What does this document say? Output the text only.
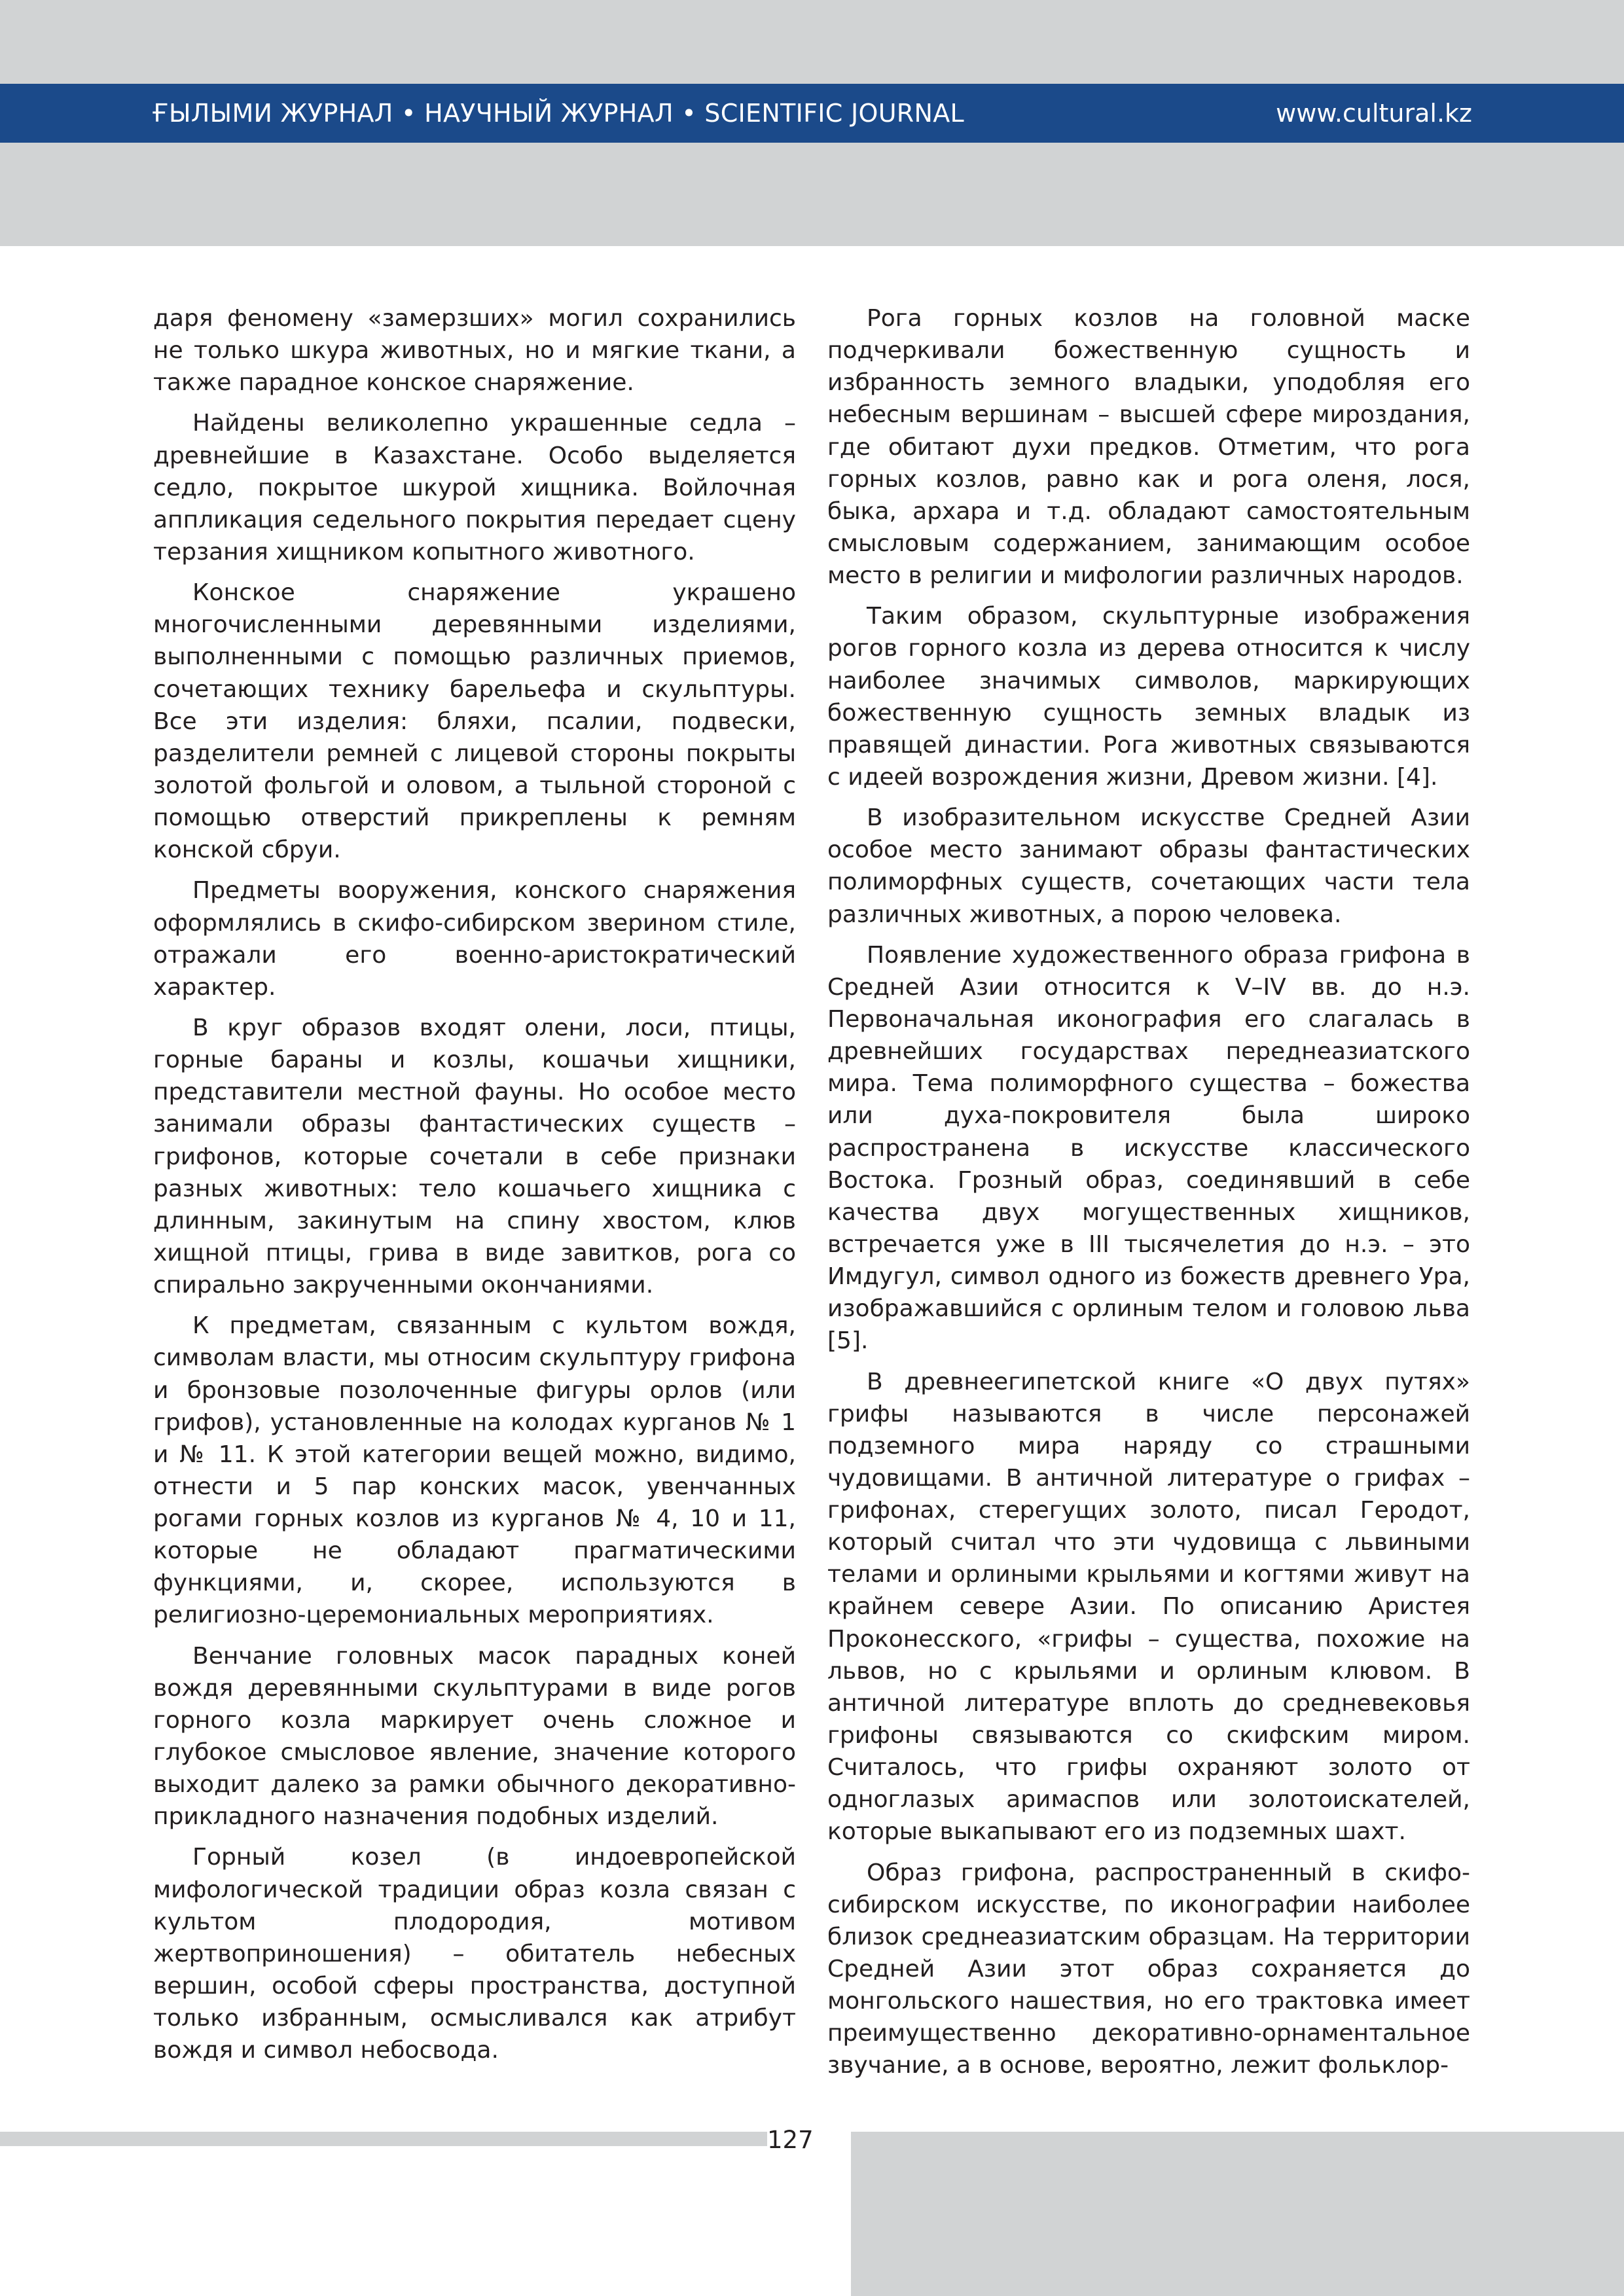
ҒЫЛЫМИ ЖУРНАЛ • НАУЧНЫЙ ЖУРНАЛ • SCIENTIFIC JOURNAL	www.cultural.kz

даря феномену «замерзших» могил сохранились не только шкура животных, но и мягкие ткани, а также парадное конское снаряжение.

Найдены великолепно украшенные седла – древнейшие в Казахстане. Особо выделяется седло, покрытое шкурой хищника. Войлочная аппликация седельного покрытия передает сцену терзания хищником копытного животного.

Конское снаряжение украшено многочисленными деревянными изделиями, выполненными с помощью различных приемов, сочетающих технику барельефа и скульптуры. Все эти изделия: бляхи, псалии, подвески, разделители ремней с лицевой стороны покрыты золотой фольгой и оловом, а тыльной стороной с помощью отверстий прикреплены к ремням конской сбруи.

Предметы вооружения, конского снаряжения оформлялись в скифо-сибирском зверином стиле, отражали его военно-аристократический характер.

В круг образов входят олени, лоси, птицы, горные бараны и козлы, кошачьи хищники, представители местной фауны. Но особое место занимали образы фантастических существ – грифонов, которые сочетали в себе признаки разных животных: тело кошачьего хищника с длинным, закинутым на спину хвостом, клюв хищной птицы, грива в виде завитков, рога со спирально закрученными окончаниями.

К предметам, связанным с культом вождя, символам власти, мы относим скульптуру грифона и бронзовые позолоченные фигуры орлов (или грифов), установленные на колодах курганов № 1 и № 11. К этой категории вещей можно, видимо, отнести и 5 пар конских масок, увенчанных рогами горных козлов из курганов № 4, 10 и 11, которые не обладают прагматическими функциями, и, скорее, используются в религиозно-церемониальных мероприятиях.

Венчание головных масок парадных коней вождя деревянными скульптурами в виде рогов горного козла маркирует очень сложное и глубокое смысловое явление, значение которого выходит далеко за рамки обычного декоративно-прикладного назначения подобных изделий.

Горный козел (в индоевропейской мифологической традиции образ козла связан с культом плодородия, мотивом жертвоприношения) – обитатель небесных вершин, особой сферы пространства, доступной только избранным, осмысливался как атрибут вождя и символ небосвода.

Рога горных козлов на головной маске подчеркивали божественную сущность и избранность земного владыки, уподобляя его небесным вершинам – высшей сфере мироздания, где обитают духи предков. Отметим, что рога горных козлов, равно как и рога оленя, лося, быка, архара и т.д. обладают самостоятельным смысловым содержанием, занимающим особое место в религии и мифологии различных народов.

Таким образом, скульптурные изображения рогов горного козла из дерева относится к числу наиболее значимых символов, маркирующих божественную сущность земных владык из правящей династии. Рога животных связываются с идеей возрождения жизни, Древом жизни. [4].

В изобразительном искусстве Средней Азии особое место занимают образы фантастических полиморфных существ, сочетающих части тела различных животных, а порою человека.

Появление художественного образа грифона в Средней Азии относится к V–IV вв. до н.э. Первоначальная иконография его слагалась в древнейших государствах переднеазиатского мира. Тема полиморфного существа – божества или духа-покровителя была широко распространена в искусстве классического Востока. Грозный образ, соединявший в себе качества двух могущественных хищников, встречается уже в III тысячелетия до н.э. – это Имдугул, символ одного из божеств древнего Ура, изображавшийся с орлиным телом и головою льва [5].

В древнеегипетской книге «О двух путях» грифы называются в числе персонажей подземного мира наряду со страшными чудовищами. В античной литературе о грифах – грифонах, стерегущих золото, писал Геродот, который считал что эти чудовища с львиными телами и орлиными крыльями и когтями живут на крайнем севере Азии. По описанию Аристея Проконесского, «грифы – существа, похожие на львов, но с крыльями и орлиным клювом. В античной литературе вплоть до средневековья грифоны связываются со скифским миром. Считалось, что грифы охраняют золото от одноглазых аримаспов или золотоискателей, которые выкапывают его из подземных шахт.

Образ грифона, распространенный в скифо-сибирском искусстве, по иконографии наиболее близок среднеазиатским образцам. На территории Средней Азии этот образ сохраняется до монгольского нашествия, но его трактовка имеет преимущественно декоративно-орнаментальное звучание, а в основе, вероятно, лежит фольклор-

127
